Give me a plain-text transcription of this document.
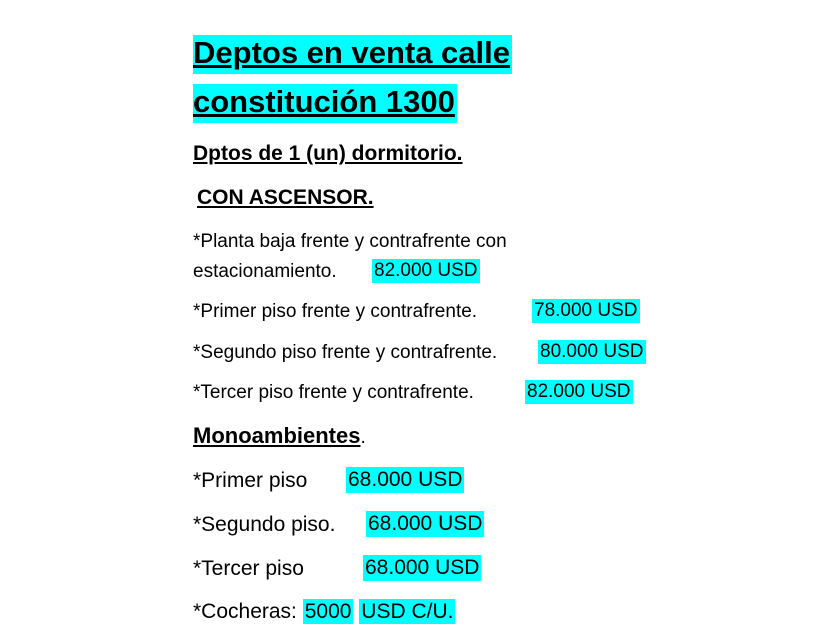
Deptos en venta calle
constitución 1300
Dptos de 1 (un) dormitorio.
CON ASCENSOR.
*Planta baja frente y contrafrente con
estacionamiento. 82.000 USD
*Primer piso frente y contrafrente.	78.000 USD
*Segundo piso frente y contrafrente. 80.000 USD
*Tercer piso frente y contrafrente.	82.000 USD
Monoambientes.
*Primer piso 68.000 USD
*Segundo piso. 68.000 USD
*Tercer piso	68.000 USD
*Cocheras: 5000 USD C/U.
